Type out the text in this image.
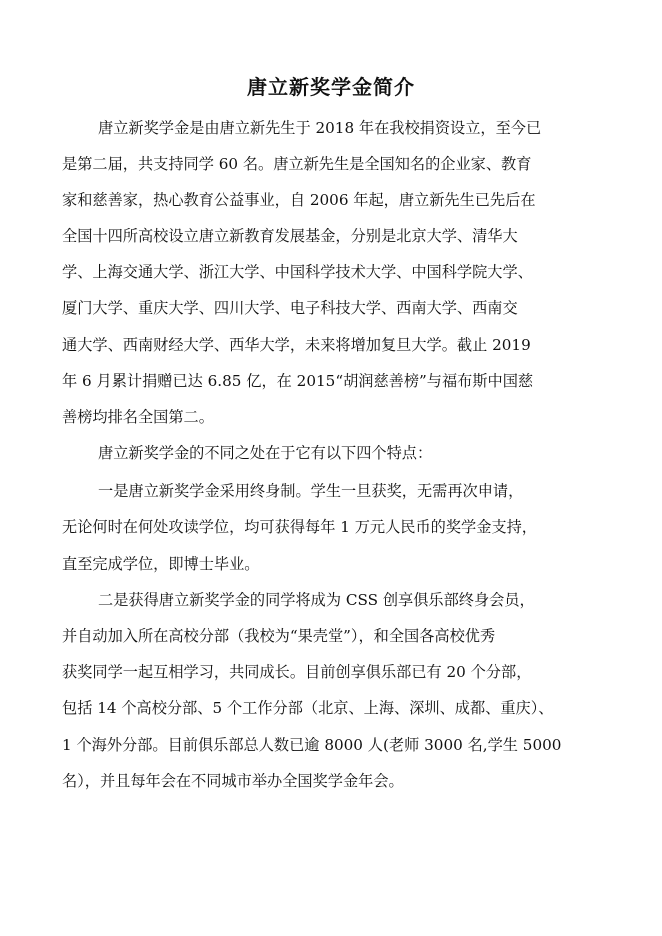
唐立新奖学金简介
唐立新奖学金是由唐立新先生于 2018 年在我校捐资设立，至今已
是第二届，共支持同学 60 名。唐立新先生是全国知名的企业家、教育
家和慈善家，热心教育公益事业，自 2006 年起，唐立新先生已先后在
全国十四所高校设立唐立新教育发展基金，分别是北京大学、清华大
学、上海交通大学、浙江大学、中国科学技术大学、中国科学院大学、
厦门大学、重庆大学、四川大学、电子科技大学、西南大学、西南交
通大学、西南财经大学、西华大学，未来将增加复旦大学。截止 2019
年 6 月累计捐赠已达 6.85 亿，在 2015“胡润慈善榜”与福布斯中国慈
善榜均排名全国第二。
唐立新奖学金的不同之处在于它有以下四个特点：
一是唐立新奖学金采用终身制。学生一旦获奖，无需再次申请，
无论何时在何处攻读学位，均可获得每年 1 万元人民币的奖学金支持，
直至完成学位，即博士毕业。
二是获得唐立新奖学金的同学将成为 CSS 创享俱乐部终身会员，
并自动加入所在高校分部（我校为“果壳堂”），和全国各高校优秀
获奖同学一起互相学习，共同成长。目前创享俱乐部已有 20 个分部，
包括 14 个高校分部、5 个工作分部（北京、上海、深圳、成都、重庆）、
1 个海外分部。目前俱乐部总人数已逾 8000 人(老师 3000 名,学生 5000
名），并且每年会在不同城市举办全国奖学金年会。
